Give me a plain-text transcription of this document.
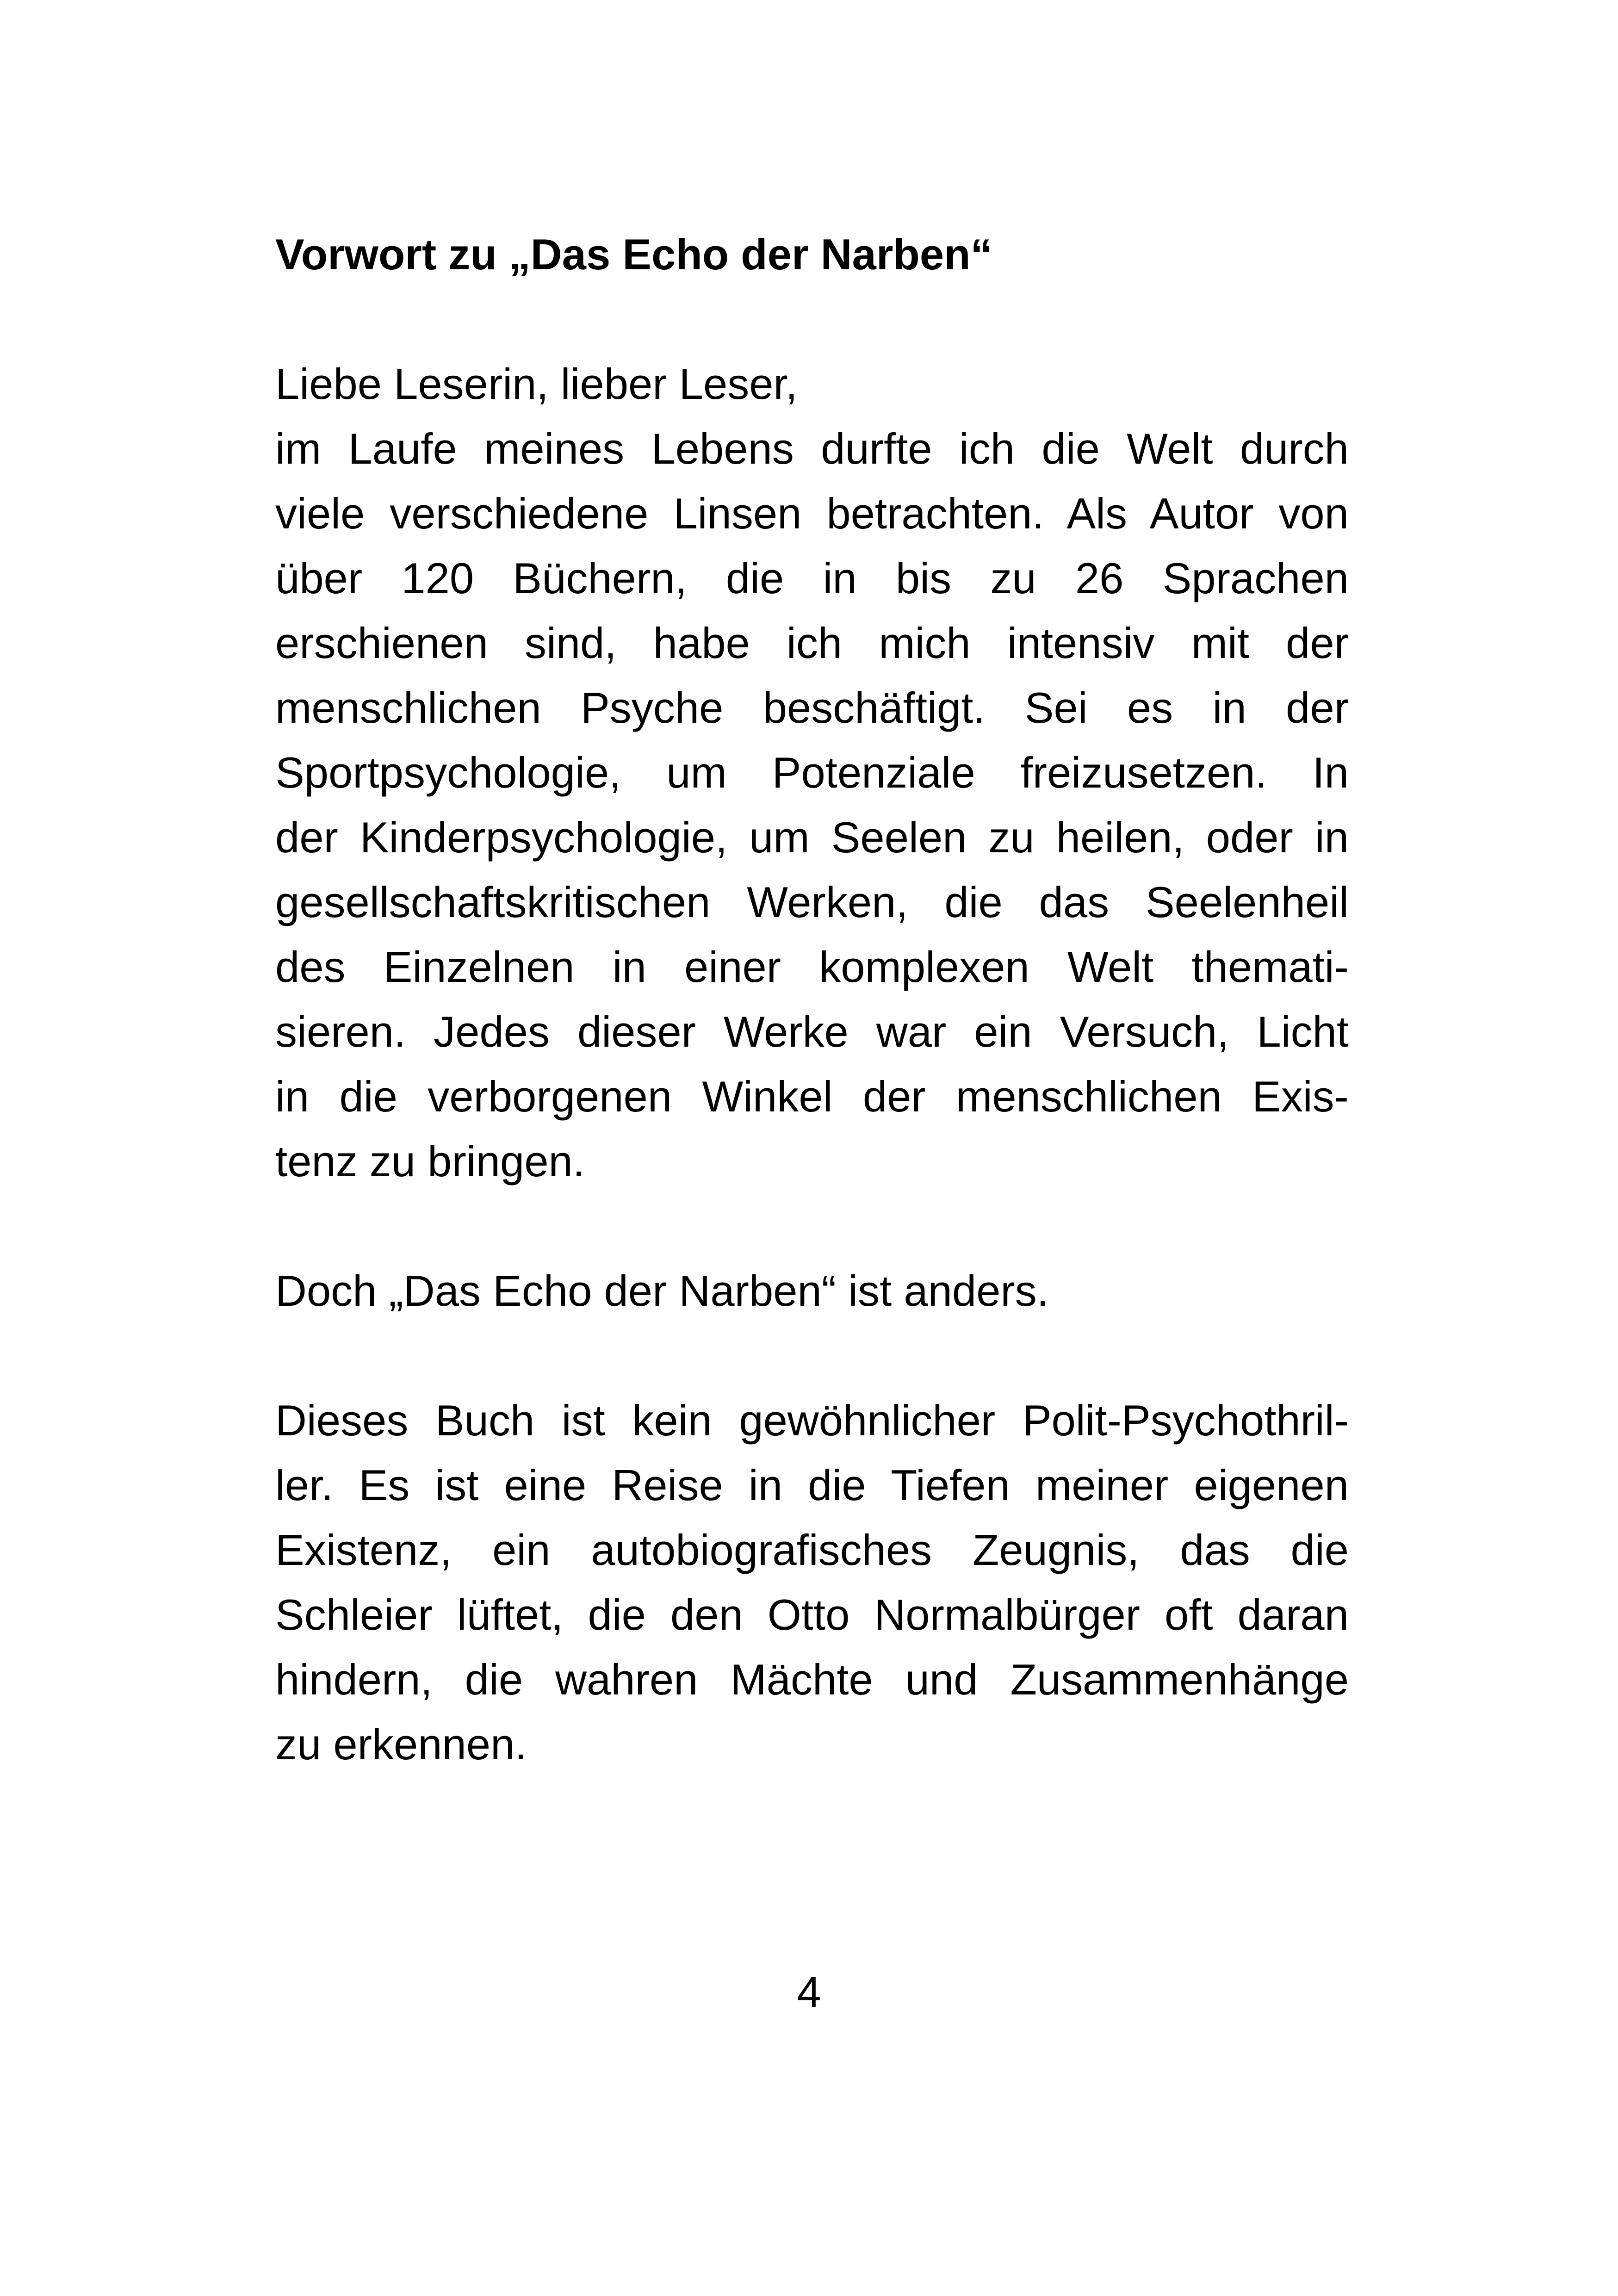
Vorwort zu „Das Echo der Narben“
Liebe Leserin, lieber Leser,
im Laufe meines Lebens durfte ich die Welt durch
viele verschiedene Linsen betrachten. Als Autor von
über 120 Büchern, die in bis zu 26 Sprachen
erschienen sind, habe ich mich intensiv mit der
menschlichen Psyche beschäftigt. Sei es in der
Sportpsychologie, um Potenziale freizusetzen. In
der Kinderpsychologie, um Seelen zu heilen, oder in
gesellschaftskritischen Werken, die das Seelenheil
des Einzelnen in einer komplexen Welt themati-
sieren. Jedes dieser Werke war ein Versuch, Licht
in die verborgenen Winkel der menschlichen Exis-
tenz zu bringen.
Doch „Das Echo der Narben“ ist anders.
Dieses Buch ist kein gewöhnlicher Polit-Psychothril-
ler. Es ist eine Reise in die Tiefen meiner eigenen
Existenz, ein autobiografisches Zeugnis, das die
Schleier lüftet, die den Otto Normalbürger oft daran
hindern, die wahren Mächte und Zusammenhänge
zu erkennen.
4
